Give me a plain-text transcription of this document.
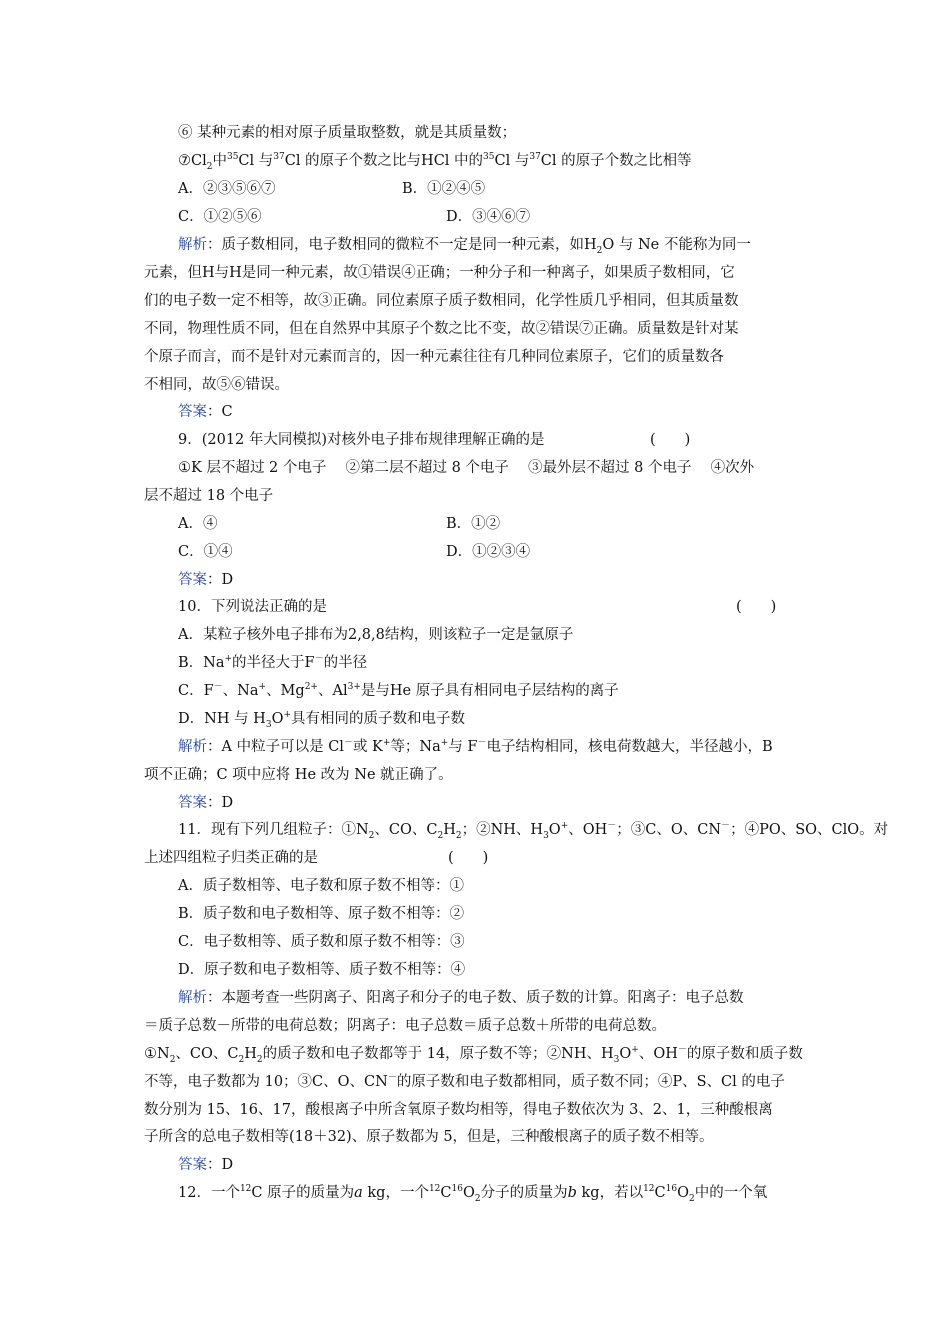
⑥ 某种元素的相对原子质量取整数，就是其质量数；
$⑦Cl_2$中$^{35}$Cl 与$^{37}$Cl 的原子个数之比与HCl 中的$^{35}$Cl 与$^{37}$Cl 的原子个数之比相等
A．②③⑤⑥⑦	B．①②④⑤
C．①②⑤⑥	D．③④⑥⑦
解析：质子数相同，电子数相同的微粒不一定是同一种元素，如$H_2O$ 与 Ne 不能称为同一
元素，但H与H是同一种元素，故①错误④正确；一种分子和一种离子，如果质子数相同，它
们的电子数一定不相等，故③正确。同位素原子质子数相同，化学性质几乎相同，但其质量数
不同，物理性质不同，但在自然界中其原子个数之比不变，故②错误⑦正确。质量数是针对某
个原子而言，而不是针对元素而言的，因一种元素往往有几种同位素原子，它们的质量数各
不相同，故⑤⑥错误。
答案：C
9．(2012 年大同模拟)对核外电子排布规律理解正确的是	(　　)
①K 层不超过 2 个电子　 ②第二层不超过 8 个电子　 ③最外层不超过 8 个电子　 ④次外
层不超过 18 个电子
A．④	B．①②
C．①④	D．①②③④
答案：D
10．下列说法正确的是	(　　)
A．某粒子核外电子排布为2,8,8结构，则该粒子一定是氩原子
B．Na+的半径大于F－的半径
C．F－、Na+、$Mg^{2+}$、$Al^{3+}$是与He 原子具有相同电子层结构的离子
D．NH 与 $H_3O^+$具有相同的质子数和电子数
解析：A 中粒子可以是 Cl－或 K+等；Na+与 F－电子结构相同，核电荷数越大，半径越小，B
项不正确；C 项中应将 He 改为 Ne 就正确了。
答案：D
11．现有下列几组粒子：$①N_2$、CO、$C_2H_2$；②NH、$H_3O^+$、OH－；③C、O、CN－；④PO、SO、ClO。对
上述四组粒子归类正确的是	(　　)
A．质子数相等、电子数和原子数不相等：①
B．质子数和电子数相等、原子数不相等：②
C．电子数相等、质子数和原子数不相等：③
D．原子数和电子数相等、质子数不相等：④
解析：本题考查一些阴离子、阳离子和分子的电子数、质子数的计算。阳离子：电子总数
＝质子总数－所带的电荷总数；阴离子：电子总数＝质子总数＋所带的电荷总数。
$①N_2$、CO、$C_2H_2$的质子数和电子数都等于 14，原子数不等；②NH、$H_3O^+$、OH－的原子数和质子数
不等，电子数都为 10；③C、O、CN－的原子数和电子数都相同，质子数不同；④P、S、Cl 的电子
数分别为 15、16、17，酸根离子中所含氧原子数均相等，得电子数依次为 3、2、1，三种酸根离
子所含的总电子数相等(18＋32)、原子数都为 5，但是，三种酸根离子的质子数不相等。
答案：D
12．一个$^{12}$C 原子的质量为a kg，一个$^{12}C^{16}O_2$分子的质量为b kg，若以$^{12}C^{16}O_2$中的一个氧
